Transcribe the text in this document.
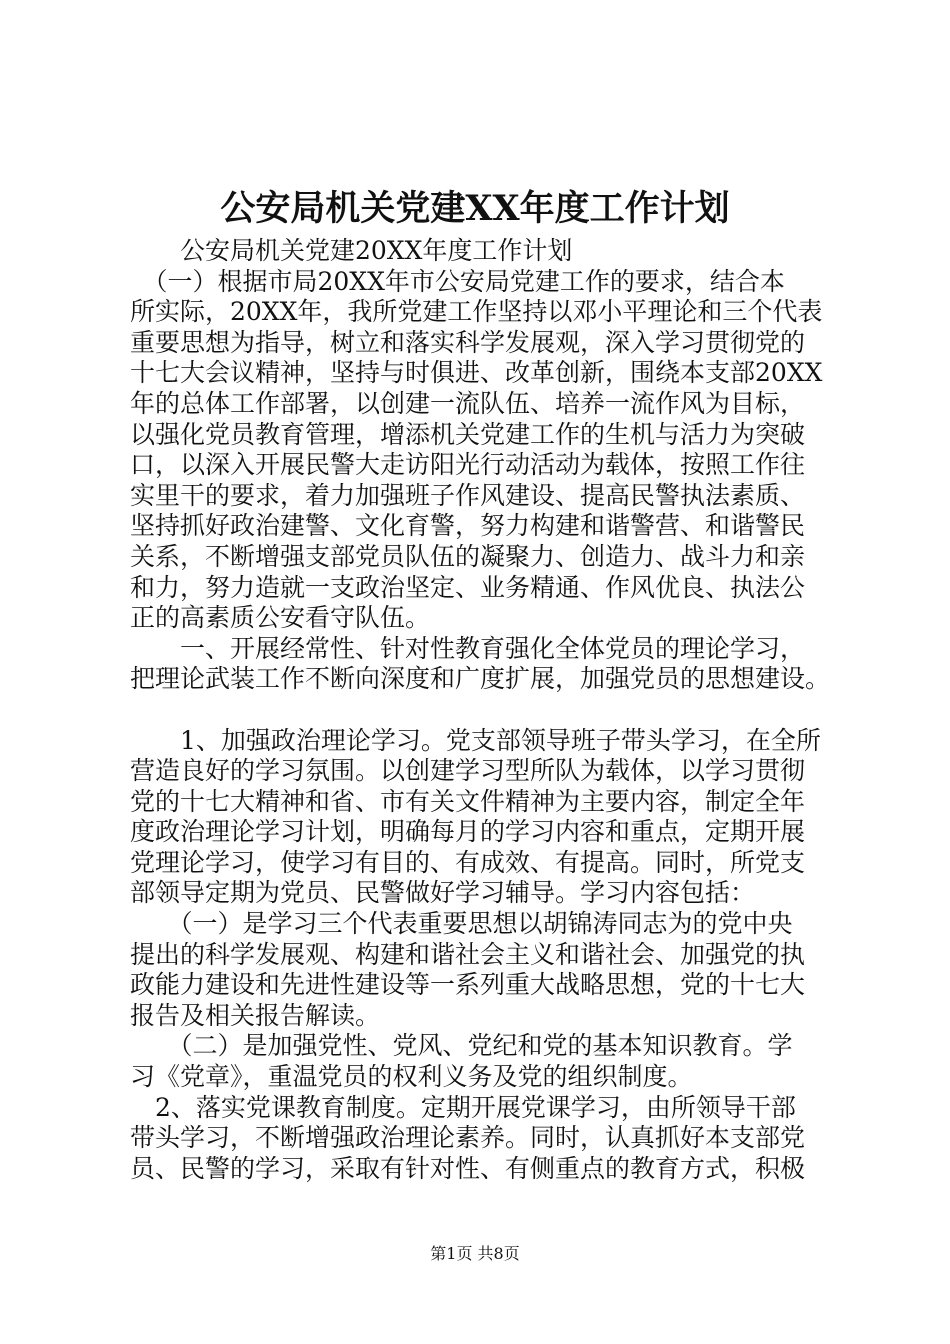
公安局机关党建XX年度工作计划
　　公安局机关党建20XX年度工作计划
　（一）根据市局20XX年市公安局党建工作的要求，结合本
所实际，20XX年，我所党建工作坚持以邓小平理论和三个代表
重要思想为指导，树立和落实科学发展观，深入学习贯彻党的
十七大会议精神，坚持与时俱进、改革创新，围绕本支部20XX
年的总体工作部署，以创建一流队伍、培养一流作风为目标，
以强化党员教育管理，增添机关党建工作的生机与活力为突破
口，以深入开展民警大走访阳光行动活动为载体，按照工作往
实里干的要求，着力加强班子作风建设、提高民警执法素质、
坚持抓好政治建警、文化育警，努力构建和谐警营、和谐警民
关系，不断增强支部党员队伍的凝聚力、创造力、战斗力和亲
和力，努力造就一支政治坚定、业务精通、作风优良、执法公
正的高素质公安看守队伍。
　　一、开展经常性、针对性教育强化全体党员的理论学习，
把理论武装工作不断向深度和广度扩展，加强党员的思想建设。
　　1、加强政治理论学习。党支部领导班子带头学习，在全所
营造良好的学习氛围。以创建学习型所队为载体，以学习贯彻
党的十七大精神和省、市有关文件精神为主要内容，制定全年
度政治理论学习计划，明确每月的学习内容和重点，定期开展
党理论学习，使学习有目的、有成效、有提高。同时，所党支
部领导定期为党员、民警做好学习辅导。学习内容包括：
　　（一）是学习三个代表重要思想以胡锦涛同志为的党中央
提出的科学发展观、构建和谐社会主义和谐社会、加强党的执
政能力建设和先进性建设等一系列重大战略思想，党的十七大
报告及相关报告解读。
　　（二）是加强党性、党风、党纪和党的基本知识教育。学
习《党章》，重温党员的权利义务及党的组织制度。
　2、落实党课教育制度。定期开展党课学习，由所领导干部
带头学习，不断增强政治理论素养。同时，认真抓好本支部党
员、民警的学习，采取有针对性、有侧重点的教育方式，积极
第1页 共8页
